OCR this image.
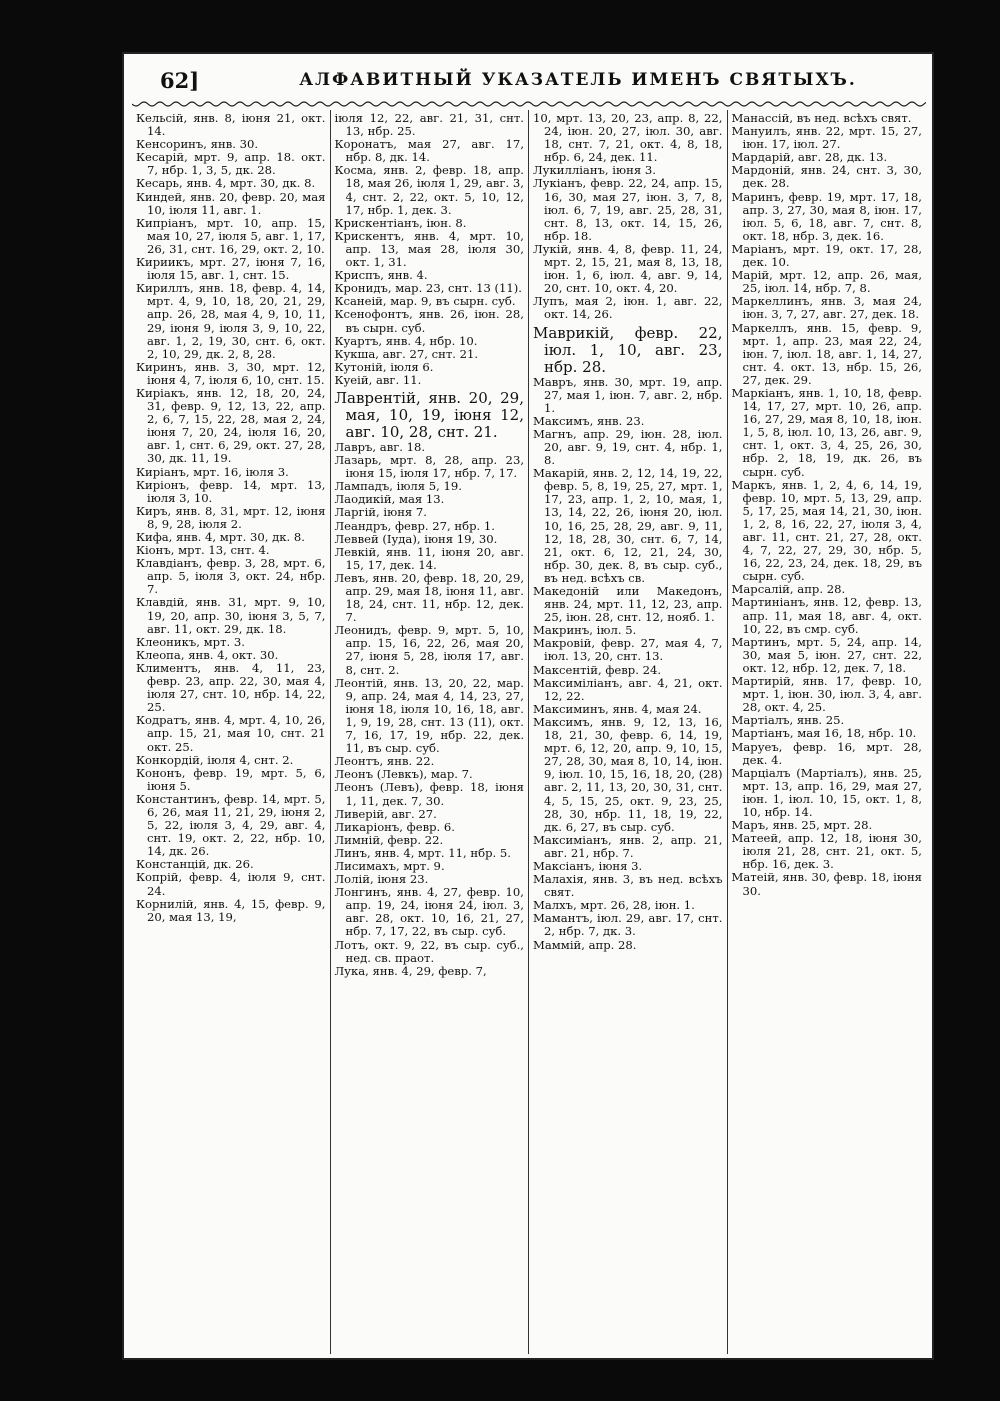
62]	АЛФАВИТНЫЙ УКАЗАТЕЛЬ ИМЕНЪ СВЯТЫХЪ.

Кельсій, янв. 8, іюня 21, окт. 14.

Кенсоринъ, янв. 30.

Кесарій, мрт. 9, апр. 18. окт. 7, нбр. 1, 3, 5, дк. 28.

Кесарь, янв. 4, мрт. 30, дк. 8.

Киндей, янв. 20, февр. 20, мая 10, іюля 11, авг. 1.

Кипріанъ, мрт. 10, апр. 15, мая 10, 27, іюля 5, авг. 1, 17, 26, 31, снт. 16, 29, окт. 2, 10.

Кириикъ, мрт. 27, іюня 7, 16, іюля 15, авг. 1, снт. 15.

Кириллъ, янв. 18, февр. 4, 14, мрт. 4, 9, 10, 18, 20, 21, 29, апр. 26, 28, мая 4, 9, 10, 11, 29, іюня 9, іюля 3, 9, 10, 22, авг. 1, 2, 19, 30, снт. 6, окт. 2, 10, 29, дк. 2, 8, 28.

Киринъ, янв. 3, 30, мрт. 12, іюня 4, 7, іюля 6, 10, снт. 15.

Киріакъ, янв. 12, 18, 20, 24, 31, февр. 9, 12, 13, 22, апр. 2, 6, 7, 15, 22, 28, мая 2, 24, іюня 7, 20, 24, іюля 16, 20, авг. 1, снт. 6, 29, окт. 27, 28, 30, дк. 11, 19.

Киріанъ, мрт. 16, іюля 3.

Киріонъ, февр. 14, мрт. 13, іюля 3, 10.

Киръ, янв. 8, 31, мрт. 12, іюня 8, 9, 28, іюля 2.

Кифа, янв. 4, мрт. 30, дк. 8.

Кіонъ, мрт. 13, снт. 4.

Клавдіанъ, февр. 3, 28, мрт. 6, апр. 5, іюля 3, окт. 24, нбр. 7.

Клавдій, янв. 31, мрт. 9, 10, 19, 20, апр. 30, іюня 3, 5, 7, авг. 11, окт. 29, дк. 18.

Клеоникъ, мрт. 3.

Клеопа, янв. 4, окт. 30.

Климентъ, янв. 4, 11, 23, февр. 23, апр. 22, 30, мая 4, іюля 27, снт. 10, нбр. 14, 22, 25.

Кодратъ, янв. 4, мрт. 4, 10, 26, апр. 15, 21, мая 10, снт. 21 окт. 25.

Конкордій, іюля 4, снт. 2.

Кононъ, февр. 19, мрт. 5, 6, іюня 5.

Константинъ, февр. 14, мрт. 5, 6, 26, мая 11, 21, 29, іюня 2, 5, 22, іюля 3, 4, 29, авг. 4, снт. 19, окт. 2, 22, нбр. 10, 14, дк. 26.

Констанцій, дк. 26.

Копрій, февр. 4, іюля 9, снт. 24.

Корнилій, янв. 4, 15, февр. 9, 20, мая 13, 19,

іюля 12, 22, авг. 21, 31, снт. 13, нбр. 25.

Коронатъ, мая 27, авг. 17, нбр. 8, дк. 14.

Косма, янв. 2, февр. 18, апр. 18, мая 26, іюля 1, 29, авг. 3, 4, снт. 2, 22, окт. 5, 10, 12, 17, нбр. 1, дек. 3.

Крискентіанъ, іюн. 8.

Крискентъ, янв. 4, мрт. 10, апр. 13, мая 28, іюля 30, окт. 1, 31.

Криспъ, янв. 4.

Кронидъ, мар. 23, снт. 13 (11).

Ксанеій, мар. 9, въ сырн. суб.

Ксенофонтъ, янв. 26, іюн. 28, въ сырн. суб.

Куартъ, янв. 4, нбр. 10.

Кукша, авг. 27, снт. 21.

Кутоній, іюля 6.

Куеій, авг. 11.

Лаврентій, янв. 20, 29, мая, 10, 19, іюня 12, авг. 10, 28, снт. 21.

Лавръ, авг. 18.

Лазарь, мрт. 8, 28, апр. 23, іюня 15, іюля 17, нбр. 7, 17.

Лампадъ, іюля 5, 19.

Лаодикій, мая 13.

Ларгій, іюня 7.

Леандръ, февр. 27, нбр. 1.

Леввей (Іуда), іюня 19, 30.

Левкій, янв. 11, іюня 20, авг. 15, 17, дек. 14.

Левъ, янв. 20, февр. 18, 20, 29, апр. 29, мая 18, іюня 11, авг. 18, 24, снт. 11, нбр. 12, дек. 7.

Леонидъ, февр. 9, мрт. 5, 10, апр. 15, 16, 22, 26, мая 20, 27, іюня 5, 28, іюля 17, авг. 8, снт. 2.

Леонтій, янв. 13, 20, 22, мар. 9, апр. 24, мая 4, 14, 23, 27, іюня 18, іюля 10, 16, 18, авг. 1, 9, 19, 28, снт. 13 (11), окт. 7, 16, 17, 19, нбр. 22, дек. 11, въ сыр. суб.

Леонтъ, янв. 22.

Леонъ (Левкъ), мар. 7.

Леонъ (Левъ), февр. 18, іюня 1, 11, дек. 7, 30.

Ливерій, авг. 27.

Ликаріонъ, февр. 6.

Лимній, февр. 22.

Линъ, янв. 4, мрт. 11, нбр. 5.

Лисимахъ, мрт. 9.

Лолій, іюня 23.

Лонгинъ, янв. 4, 27, февр. 10, апр. 19, 24, іюня 24, іюл. 3, авг. 28, окт. 10, 16, 21, 27, нбр. 7, 17, 22, въ сыр. суб.

Лотъ, окт. 9, 22, въ сыр. суб., нед. св. праот.

Лука, янв. 4, 29, февр. 7,

10, мрт. 13, 20, 23, апр. 8, 22, 24, іюн. 20, 27, іюл. 30, авг. 18, снт. 7, 21, окт. 4, 8, 18, нбр. 6, 24, дек. 11.

Лукилліанъ, іюня 3.

Лукіанъ, февр. 22, 24, апр. 15, 16, 30, мая 27, іюн. 3, 7, 8, іюл. 6, 7, 19, авг. 25, 28, 31, снт. 8, 13, окт. 14, 15, 26, нбр. 18.

Лукій, янв. 4, 8, февр. 11, 24, мрт. 2, 15, 21, мая 8, 13, 18, іюн. 1, 6, іюл. 4, авг. 9, 14, 20, снт. 10, окт. 4, 20.

Лупъ, мая 2, іюн. 1, авг. 22, окт. 14, 26.

Маврикій, февр. 22, іюл. 1, 10, авг. 23, нбр. 28.

Мавръ, янв. 30, мрт. 19, апр. 27, мая 1, іюн. 7, авг. 2, нбр. 1.

Максимъ, янв. 23.

Магнъ, апр. 29, іюн. 28, іюл. 20, авг. 9, 19, снт. 4, нбр. 1, 8.

Макарій, янв. 2, 12, 14, 19, 22, февр. 5, 8, 19, 25, 27, мрт. 1, 17, 23, апр. 1, 2, 10, мая, 1, 13, 14, 22, 26, іюня 20, іюл. 10, 16, 25, 28, 29, авг. 9, 11, 12, 18, 28, 30, снт. 6, 7, 14, 21, окт. 6, 12, 21, 24, 30, нбр. 30, дек. 8, въ сыр. суб., въ нед. всѣхъ св.

Македоній или Македонъ, янв. 24, мрт. 11, 12, 23, апр. 25, іюн. 28, снт. 12, нояб. 1.

Макринъ, іюл. 5.

Макровій, февр. 27, мая 4, 7, іюл. 13, 20, снт. 13.

Максентій, февр. 24.

Максиміліанъ, авг. 4, 21, окт. 12, 22.

Максиминъ, янв. 4, мая 24.

Максимъ, янв. 9, 12, 13, 16, 18, 21, 30, февр. 6, 14, 19, мрт. 6, 12, 20, апр. 9, 10, 15, 27, 28, 30, мая 8, 10, 14, іюн. 9, іюл. 10, 15, 16, 18, 20, (28) авг. 2, 11, 13, 20, 30, 31, снт. 4, 5, 15, 25, окт. 9, 23, 25, 28, 30, нбр. 11, 18, 19, 22, дк. 6, 27, въ сыр. суб.

Максиміанъ, янв. 2, апр. 21, авг. 21, нбр. 7.

Максіанъ, іюня 3.

Малахія, янв. 3, въ нед. всѣхъ свят.

Малхъ, мрт. 26, 28, іюн. 1.

Мамантъ, іюл. 29, авг. 17, снт. 2, нбр. 7, дк. 3.

Маммій, апр. 28.

Манассій, въ нед. всѣхъ свят.

Мануилъ, янв. 22, мрт. 15, 27, іюн. 17, іюл. 27.

Мардарій, авг. 28, дк. 13.

Мардоній, янв. 24, снт. 3, 30, дек. 28.

Маринъ, февр. 19, мрт. 17, 18, апр. 3, 27, 30, мая 8, іюн. 17, іюл. 5, 6, 18, авг. 7, снт. 8, окт. 18, нбр. 3, дек. 16.

Маріанъ, мрт. 19, окт. 17, 28, дек. 10.

Марій, мрт. 12, апр. 26, мая, 25, іюл. 14, нбр. 7, 8.

Маркеллинъ, янв. 3, мая 24, іюн. 3, 7, 27, авг. 27, дек. 18.

Маркеллъ, янв. 15, февр. 9, мрт. 1, апр. 23, мая 22, 24, іюн. 7, іюл. 18, авг. 1, 14, 27, снт. 4. окт. 13, нбр. 15, 26, 27, дек. 29.

Маркіанъ, янв. 1, 10, 18, февр. 14, 17, 27, мрт. 10, 26, апр. 16, 27, 29, мая 8, 10, 18, іюн. 1, 5, 8, іюл. 10, 13, 26, авг. 9, снт. 1, окт. 3, 4, 25, 26, 30, нбр. 2, 18, 19, дк. 26, въ сырн. суб.

Маркъ, янв. 1, 2, 4, 6, 14, 19, февр. 10, мрт. 5, 13, 29, апр. 5, 17, 25, мая 14, 21, 30, іюн. 1, 2, 8, 16, 22, 27, іюля 3, 4, авг. 11, снт. 21, 27, 28, окт. 4, 7, 22, 27, 29, 30, нбр. 5, 16, 22, 23, 24, дек. 18, 29, въ сырн. суб.

Марсалій, апр. 28.

Мартиніанъ, янв. 12, февр. 13, апр. 11, мая 18, авг. 4, окт. 10, 22, въ смр. суб.

Мартинъ, мрт. 5, 24, апр. 14, 30, мая 5, іюн. 27, снт. 22, окт. 12, нбр. 12, дек. 7, 18.

Мартирій, янв. 17, февр. 10, мрт. 1, іюн. 30, іюл. 3, 4, авг. 28, окт. 4, 25.

Мартіалъ, янв. 25.

Мартіанъ, мая 16, 18, нбр. 10.

Маруеъ, февр. 16, мрт. 28, дек. 4.

Марціалъ (Мартіалъ), янв. 25, мрт. 13, апр. 16, 29, мая 27, іюн. 1, іюл. 10, 15, окт. 1, 8, 10, нбр. 14.

Маръ, янв. 25, мрт. 28.

Матеей, апр. 12, 18, іюня 30, іюля 21, 28, снт. 21, окт. 5, нбр. 16, дек. 3.

Матеій, янв. 30, февр. 18, іюня 30.
